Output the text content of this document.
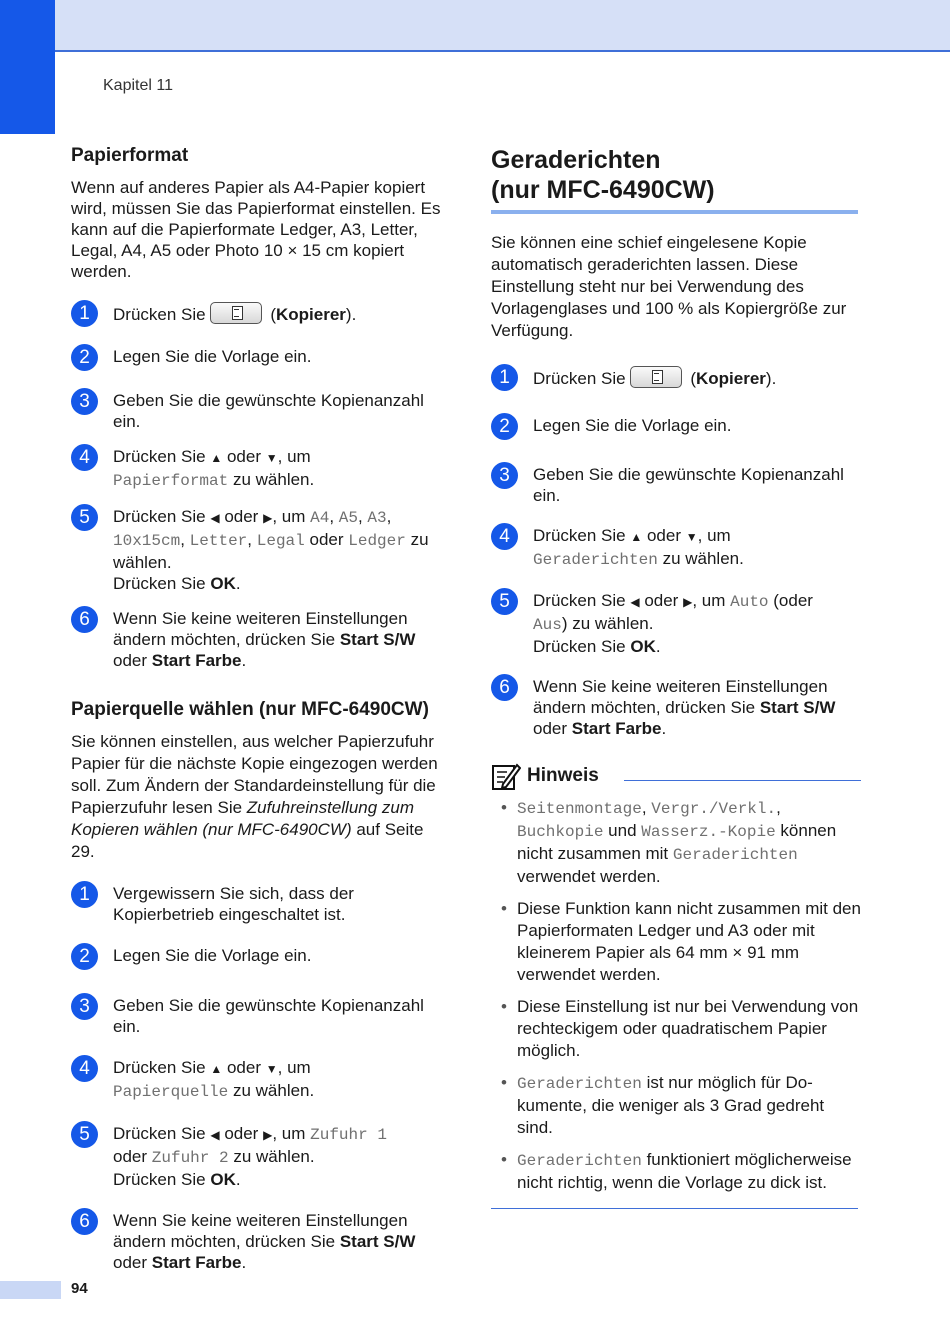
Kapitel 11
Papierformat

Wenn auf anderes Papier als A4-Papier kopiert wird, müssen Sie das Papierformat einstellen. Es kann auf die Papierformate Ledger, A3, Letter, Legal, A4, A5 oder Photo 10 × 15 cm kopiert werden.

1	Drücken Sie	(Kopierer).
2	Legen Sie die Vorlage ein.
3	Geben Sie die gewünschte Kopienanzahl ein.
4	Drücken Sie ▲ oder ▼, um
Papierformat zu wählen.
5	Drücken Sie ◀ oder ▶, um A4, A5, A3, 10x15cm, Letter, Legal oder Ledger zu wählen.
Drücken Sie OK.
6	Wenn Sie keine weiteren Einstellungen ändern möchten, drücken Sie Start S/W oder Start Farbe.
Papierquelle wählen (nur MFC-6490CW)

Sie können einstellen, aus welcher Papierzufuhr Papier für die nächste Kopie eingezogen werden soll. Zum Ändern der Standardeinstellung für die Papierzufuhr lesen Sie Zufuhreinstellung zum Kopieren wählen (nur MFC-6490CW) auf Seite 29.

1	Vergewissern Sie sich, dass der Kopierbetrieb eingeschaltet ist.
2	Legen Sie die Vorlage ein.
3	Geben Sie die gewünschte Kopienanzahl ein.
4	Drücken Sie ▲ oder ▼, um
Papierquelle zu wählen.
5	Drücken Sie ◀ oder ▶, um Zufuhr 1
oder Zufuhr 2 zu wählen.
Drücken Sie OK.
6	Wenn Sie keine weiteren Einstellungen ändern möchten, drücken Sie Start S/W oder Start Farbe.
Geraderichten
(nur MFC-6490CW)

Sie können eine schief eingelesene Kopie automatisch geraderichten lassen. Diese Einstellung steht nur bei Verwendung des Vorlagenglases und 100 % als Kopiergröße zur Verfügung.

1	Drücken Sie	(Kopierer).
2	Legen Sie die Vorlage ein.
3	Geben Sie die gewünschte Kopienanzahl ein.
4	Drücken Sie ▲ oder ▼, um
Geraderichten zu wählen.
5	Drücken Sie ◀ oder ▶, um Auto (oder
Aus) zu wählen.
Drücken Sie OK.
6	Wenn Sie keine weiteren Einstellungen ändern möchten, drücken Sie Start S/W oder Start Farbe.
Hinweis
• Seitenmontage, Vergr./Verkl., Buchkopie und Wasserz.-Kopie können nicht zusammen mit Geraderichten verwendet werden.
• Diese Funktion kann nicht zusammen mit den Papierformaten Ledger und A3 oder mit kleinerem Papier als 64 mm × 91 mm verwendet werden.
• Diese Einstellung ist nur bei Verwendung von rechteckigem oder quadratischem Papier möglich.
• Geraderichten ist nur möglich für Do-kumente, die weniger als 3 Grad gedreht sind.
• Geraderichten funktioniert möglicherweise nicht richtig, wenn die Vorlage zu dick ist.
94
